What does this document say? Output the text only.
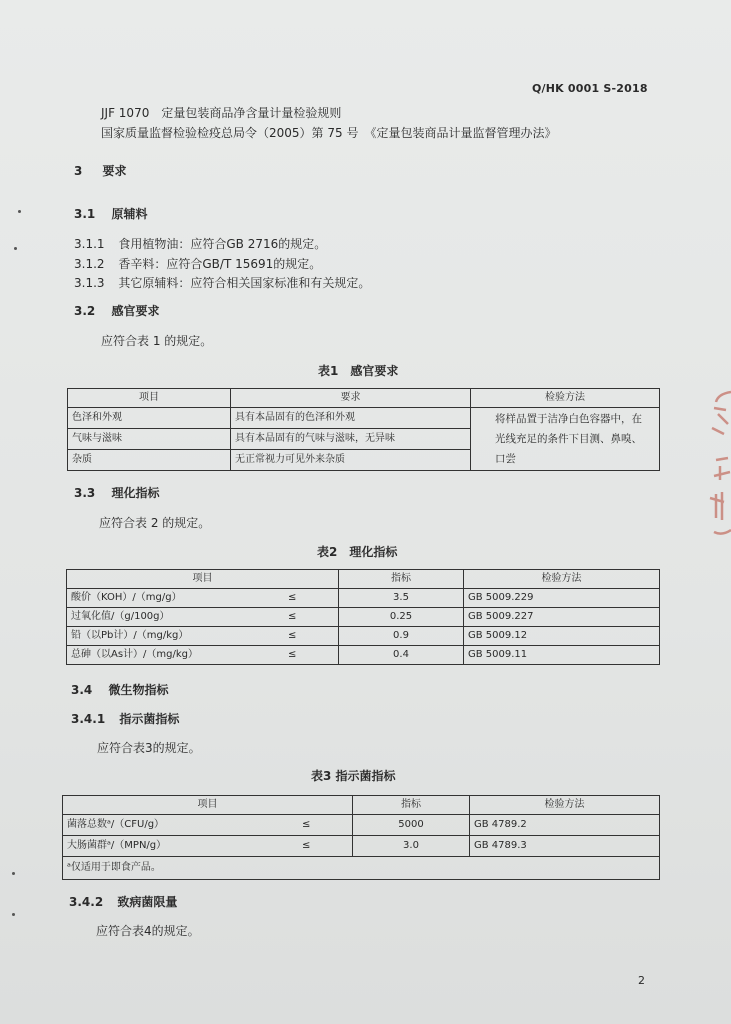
Q/HK 0001 S-2018
JJF 1070　定量包装商品净含量计量检验规则
国家质量监督检验检疫总局令（2005）第 75 号　《定量包装商品计量监督管理办法》
3 要求
3.1 原辅料
3.1.1 食用植物油：应符合GB 2716的规定。
3.1.2 香辛料：应符合GB/T 15691的规定。
3.1.3 其它原辅料：应符合相关国家标准和有关规定。
3.2 感官要求
应符合表 1 的规定。
表1　感官要求
项目	要求	检验方法
色泽和外观	具有本品固有的色泽和外观	将样品置于洁净白色容器中，在光线充足的条件下目测、鼻嗅、口尝
气味与滋味	具有本品固有的气味与滋味，无异味	
杂质	无正常视力可见外来杂质	
3.3 理化指标
应符合表 2 的规定。
表2　理化指标
项目		指标	检验方法
酸价（KOH）/（mg/g）	≤	3.5	GB 5009.229
过氧化值/（g/100g）	≤	0.25	GB 5009.227
铅（以Pb计）/（mg/kg）	≤	0.9	GB 5009.12
总砷（以As计）/（mg/kg）	≤	0.4	GB 5009.11
3.4 微生物指标
3.4.1 指示菌指标
应符合表3的规定。
表3 指示菌指标
项目		指标	检验方法
菌落总数ᵃ/（CFU/g）	≤	5000	GB 4789.2
大肠菌群ᵃ/（MPN/g）	≤	3.0	GB 4789.3
ᵃ仅适用于即食产品。			
3.4.2 致病菌限量
应符合表4的规定。
2
